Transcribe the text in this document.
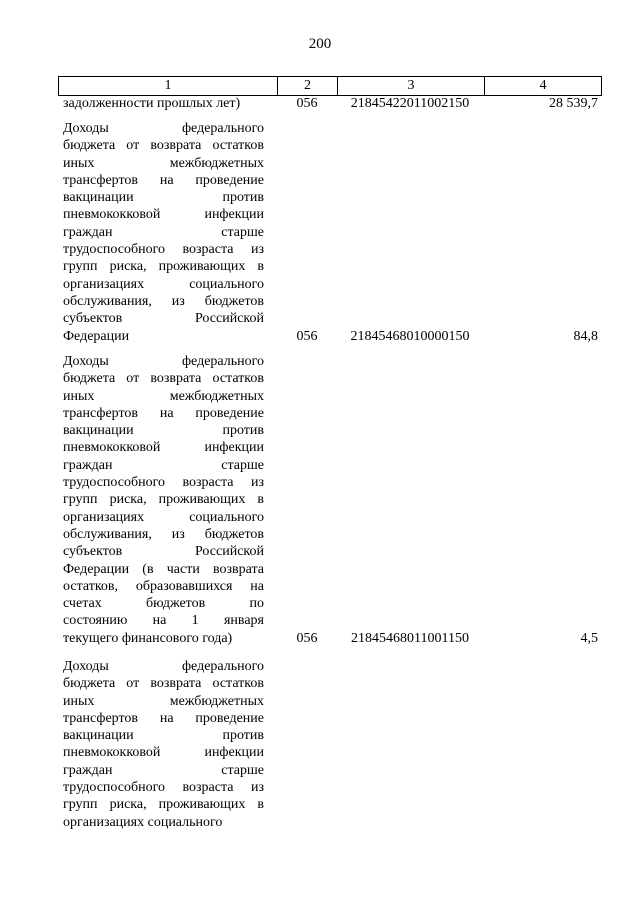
200
1	2	3	4
задолженности прошлых лет)	056	21845422011002150	28 539,7
Доходы федерального
бюджета от возврата остатков
иных межбюджетных
трансфертов на проведение
вакцинации против
пневмококковой инфекции
граждан старше
трудоспособного возраста из
групп риска, проживающих в
организациях социального
обслуживания, из бюджетов
субъектов Российской
Федерации	056	21845468010000150	84,8
Доходы федерального
бюджета от возврата остатков
иных межбюджетных
трансфертов на проведение
вакцинации против
пневмококковой инфекции
граждан старше
трудоспособного возраста из
групп риска, проживающих в
организациях социального
обслуживания, из бюджетов
субъектов Российской
Федерации (в части возврата
остатков, образовавшихся на
счетах бюджетов по
состоянию на 1 января
текущего финансового года)	056	21845468011001150	4,5
Доходы федерального
бюджета от возврата остатков
иных межбюджетных
трансфертов на проведение
вакцинации против
пневмококковой инфекции
граждан старше
трудоспособного возраста из
групп риска, проживающих в
организациях социального
